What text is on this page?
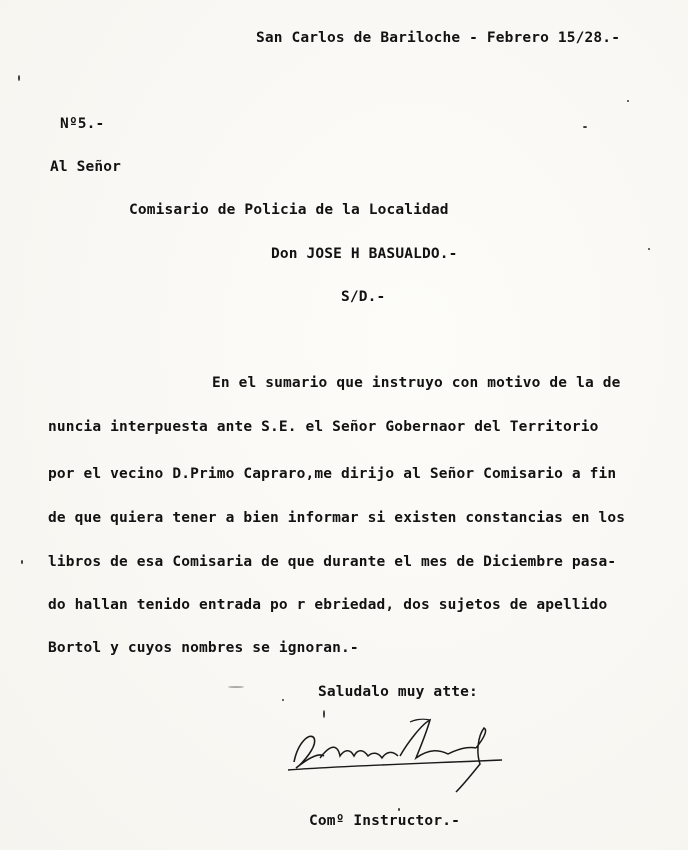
San Carlos de Bariloche - Febrero 15/28.-
Nº5.-
Al Señor
Comisario de Policia de la Localidad
Don JOSE H BASUALDO.-
S/D.-
En el sumario que instruyo con motivo de la de
nuncia interpuesta ante S.E. el Señor Gobernaor del Territorio
por el vecino D.Primo Capraro,me dirijo al Señor Comisario a fin
de que quiera tener a bien informar si existen constancias en los
libros de esa Comisaria de que durante el mes de Diciembre pasa-
do hallan tenido entrada po r ebriedad, dos sujetos de apellido
Bortol y cuyos nombres se ignoran.-
Saludalo muy atte:
Comº Instructor.-
